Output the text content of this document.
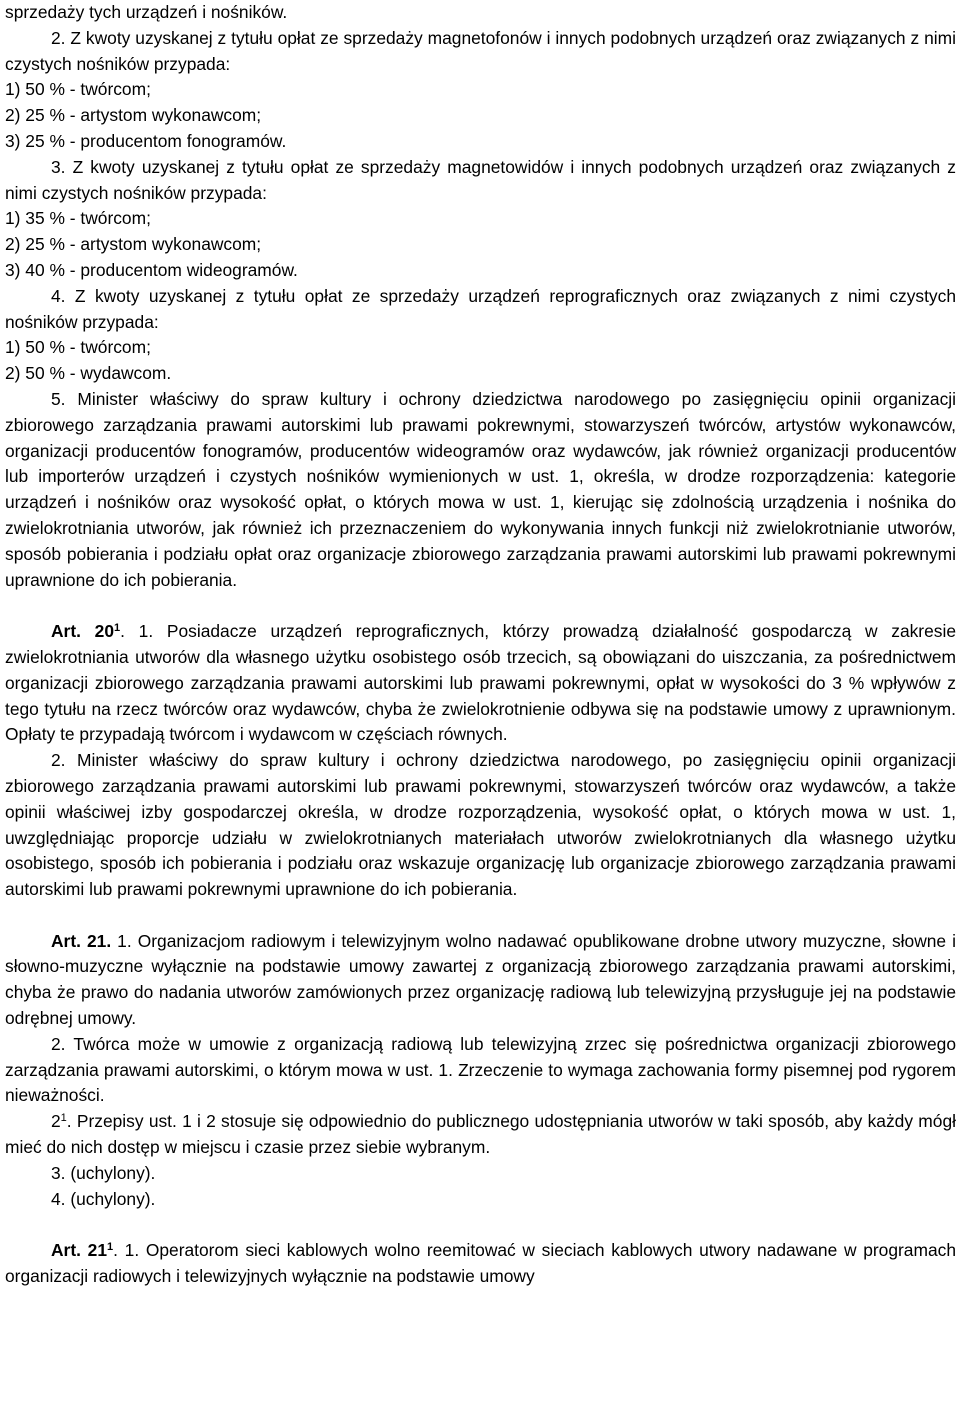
sprzedaży tych urządzeń i nośników.

2. Z kwoty uzyskanej z tytułu opłat ze sprzedaży magnetofonów i innych podobnych urządzeń oraz związanych z nimi czystych nośników przypada:

1) 50 % - twórcom;

2) 25 % - artystom wykonawcom;

3) 25 % - producentom fonogramów.

3. Z kwoty uzyskanej z tytułu opłat ze sprzedaży magnetowidów i innych podobnych urządzeń oraz związanych z nimi czystych nośników przypada:

1) 35 % - twórcom;

2) 25 % - artystom wykonawcom;

3) 40 % - producentom wideogramów.

4. Z kwoty uzyskanej z tytułu opłat ze sprzedaży urządzeń reprograficznych oraz związanych z nimi czystych nośników przypada:

1) 50 % - twórcom;

2) 50 % - wydawcom.

5. Minister właściwy do spraw kultury i ochrony dziedzictwa narodowego po zasięgnięciu opinii organizacji zbiorowego zarządzania prawami autorskimi lub prawami pokrewnymi, stowarzyszeń twórców, artystów wykonawców, organizacji producentów fonogramów, producentów wideogramów oraz wydawców, jak również organizacji producentów lub importerów urządzeń i czystych nośników wymienionych w ust. 1, określa, w drodze rozporządzenia: kategorie urządzeń i nośników oraz wysokość opłat, o których mowa w ust. 1, kierując się zdolnością urządzenia i nośnika do zwielokrotniania utworów, jak również ich przeznaczeniem do wykonywania innych funkcji niż zwielokrotnianie utworów, sposób pobierania i podziału opłat oraz organizacje zbiorowego zarządzania prawami autorskimi lub prawami pokrewnymi uprawnione do ich pobierania.

Art. $20^1$. 1. Posiadacze urządzeń reprograficznych, którzy prowadzą działalność gospodarczą w zakresie zwielokrotniania utworów dla własnego użytku osobistego osób trzecich, są obowiązani do uiszczania, za pośrednictwem organizacji zbiorowego zarządzania prawami autorskimi lub prawami pokrewnymi, opłat w wysokości do 3 % wpływów z tego tytułu na rzecz twórców oraz wydawców, chyba że zwielokrotnienie odbywa się na podstawie umowy z uprawnionym. Opłaty te przypadają twórcom i wydawcom w częściach równych.

2. Minister właściwy do spraw kultury i ochrony dziedzictwa narodowego, po zasięgnięciu opinii organizacji zbiorowego zarządzania prawami autorskimi lub prawami pokrewnymi, stowarzyszeń twórców oraz wydawców, a także opinii właściwej izby gospodarczej określa, w drodze rozporządzenia, wysokość opłat, o których mowa w ust. 1, uwzględniając proporcje udziału w zwielokrotnianych materiałach utworów zwielokrotnianych dla własnego użytku osobistego, sposób ich pobierania i podziału oraz wskazuje organizację lub organizacje zbiorowego zarządzania prawami autorskimi lub prawami pokrewnymi uprawnione do ich pobierania.

Art. 21. 1. Organizacjom radiowym i telewizyjnym wolno nadawać opublikowane drobne utwory muzyczne, słowne i słowno-muzyczne wyłącznie na podstawie umowy zawartej z organizacją zbiorowego zarządzania prawami autorskimi, chyba że prawo do nadania utworów zamówionych przez organizację radiową lub telewizyjną przysługuje jej na podstawie odrębnej umowy.

2. Twórca może w umowie z organizacją radiową lub telewizyjną zrzec się pośrednictwa organizacji zbiorowego zarządzania prawami autorskimi, o którym mowa w ust. 1. Zrzeczenie to wymaga zachowania formy pisemnej pod rygorem nieważności.

$2^1$. Przepisy ust. 1 i 2 stosuje się odpowiednio do publicznego udostępniania utworów w taki sposób, aby każdy mógł mieć do nich dostęp w miejscu i czasie przez siebie wybranym.

3. (uchylony).

4. (uchylony).

Art. $21^1$. 1. Operatorom sieci kablowych wolno reemitować w sieciach kablowych utwory nadawane w programach organizacji radiowych i telewizyjnych wyłącznie na podstawie umowy
